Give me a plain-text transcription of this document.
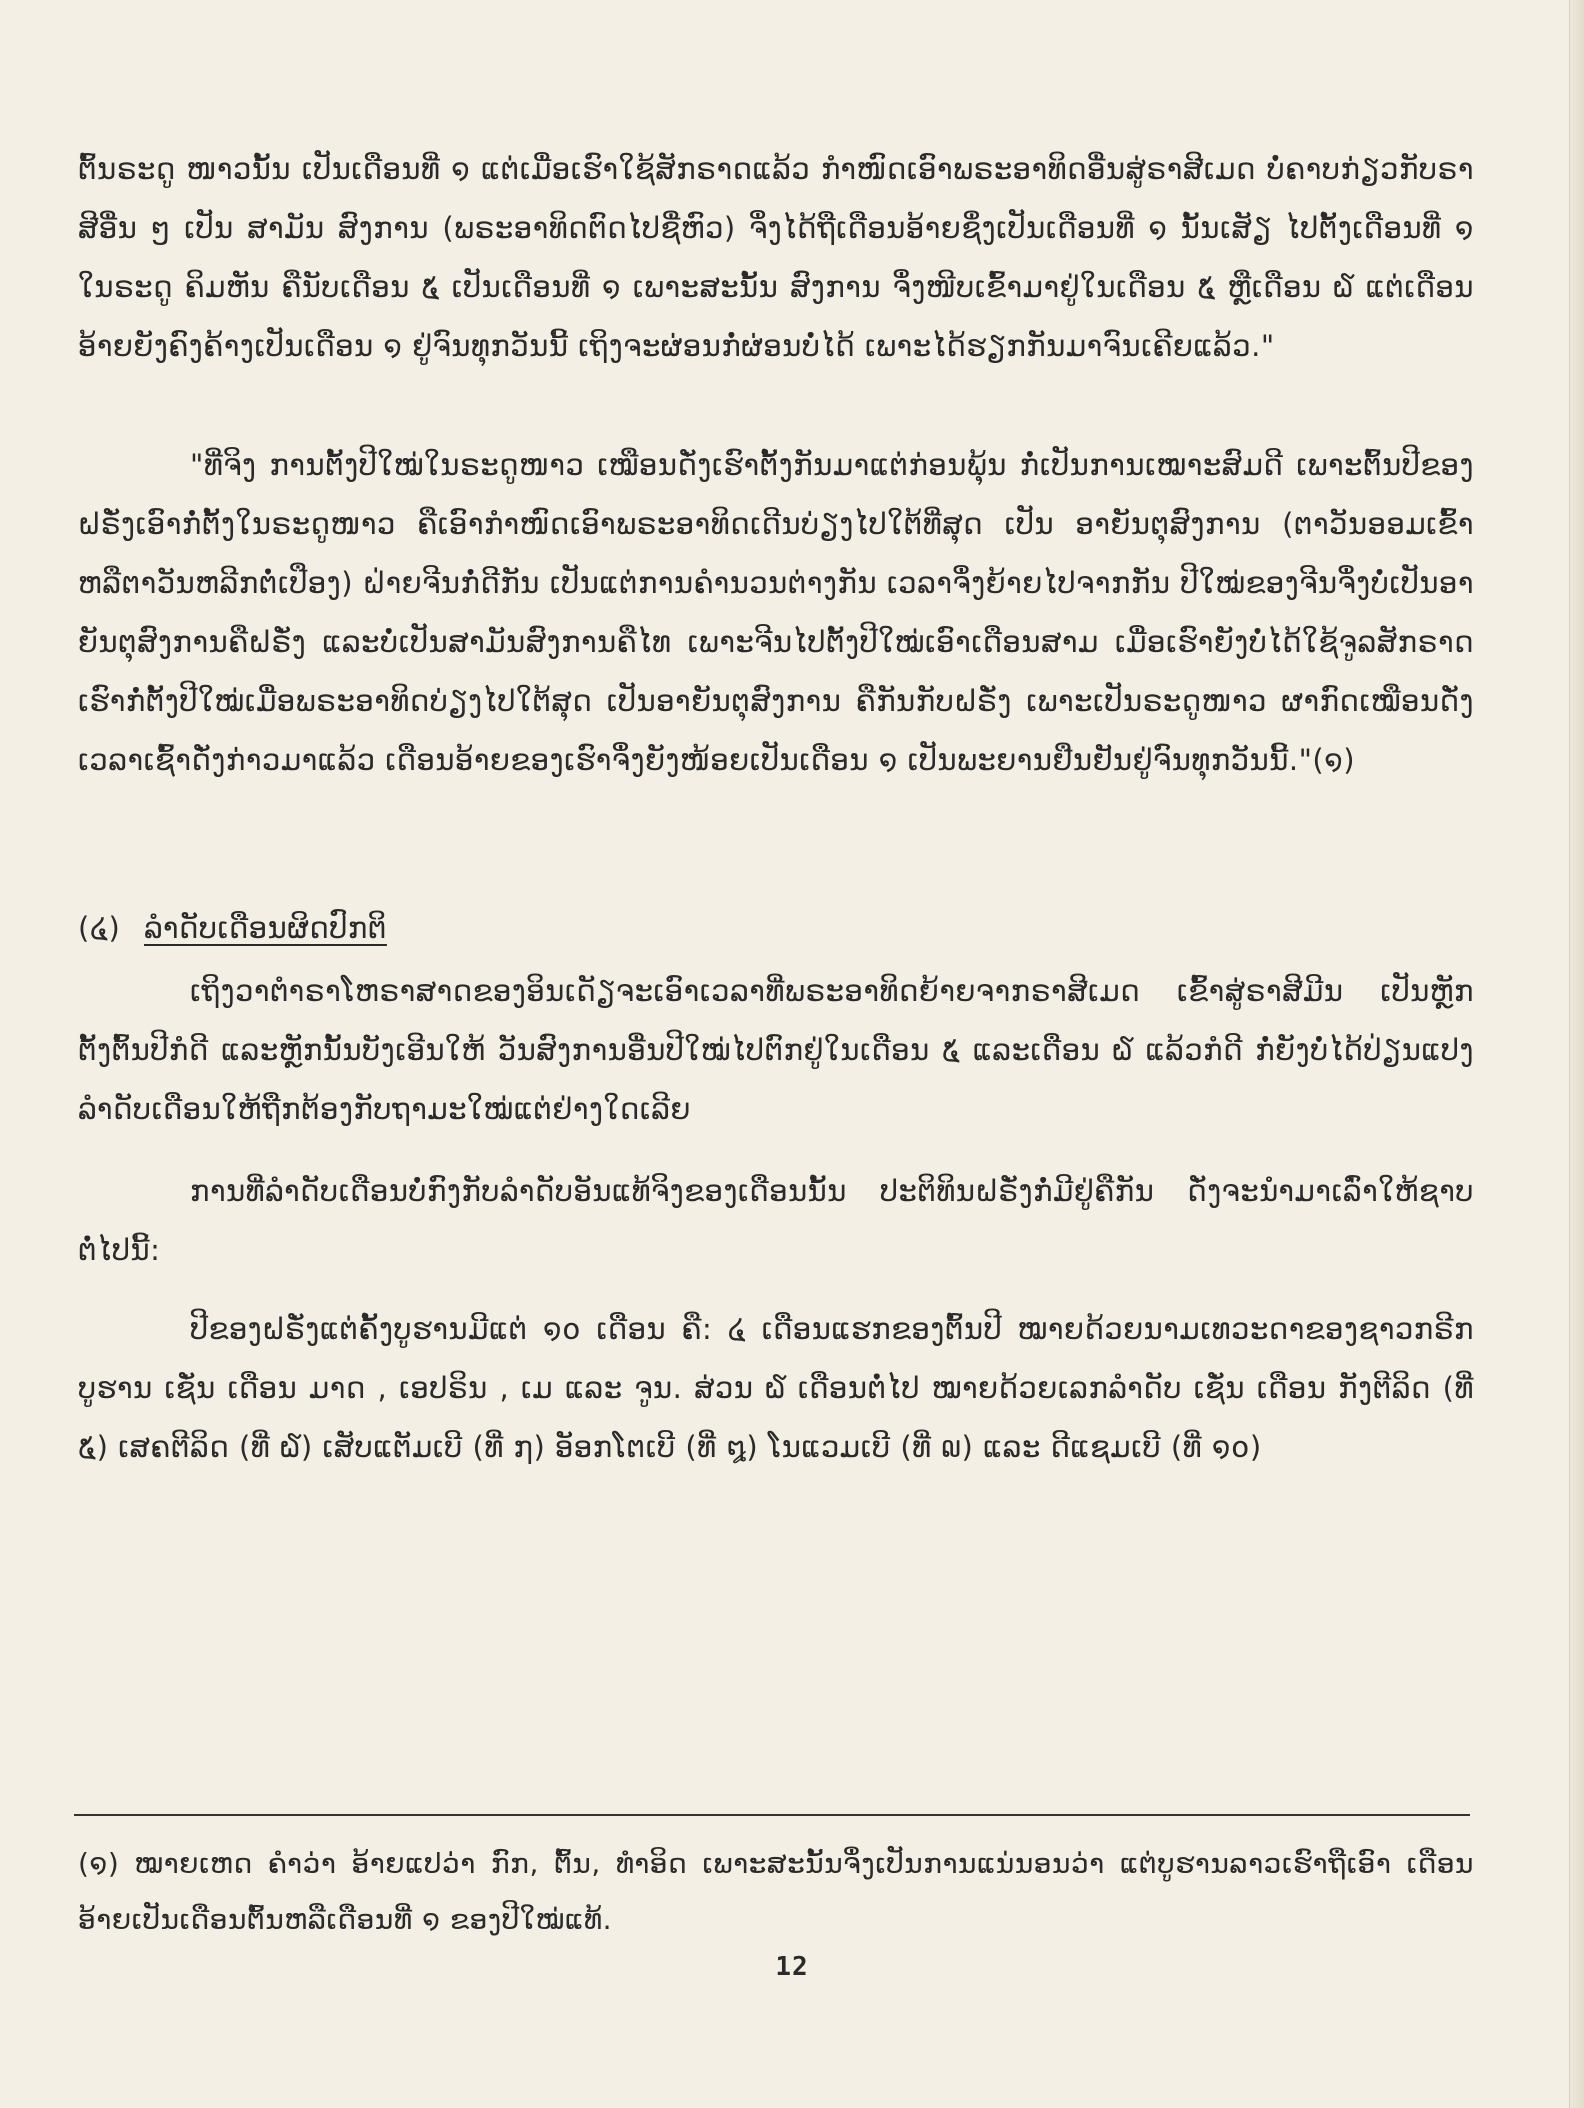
ຕົ້ນຣະດູ ໜາວນັ້ນ ເປັນເດືອນທີ່ ໑ ແຕ່ເມື່ອເຮົາໃຊ້ສັກຣາດແລ້ວ ກຳໜົດເອົາພຣະອາທິດອື່ນສູ່ຣາສີເມດ ບໍ່ຄາບກ່ຽວກັບຣາສີອື່ນ ໆ ເປັນ ສາມັນ ສົງການ (ພຣະອາທິດຕົດໄປຊື່ຫົວ) ຈຶ່ງໄດ້ຖືເດືອນອ້າຍຊຶ່ງເປັນເດືອນທີ່ ໑ ນັ້ນເສັຽ ໄປຕັ້ງເດືອນທີ່ ໑ ໃນຣະດູ ຄິມຫັນ ຄືນັບເດືອນ ໕ ເປັນເດືອນທີ່ ໑ ເພາະສະນັ້ນ ສົງການ ຈຶ່ງໜີບເຂົ້າມາຢູ່ໃນເດືອນ ໕ ຫຼືເດືອນ ໖ ແຕ່ເດືອນອ້າຍຍັງຄົງຄ້າງເປັນເດືອນ ໑ ຢູ່ຈົນທຸກວັນນີ້ ເຖິງຈະຜ່ອນກໍ່ຜ່ອນບໍ່ໄດ້ ເພາະໄດ້ຮຽກກັນມາຈົນເຄີຍແລ້ວ."

"ທີ່ຈິງ ການຕັ້ງປີໃໝ່ໃນຣະດູໜາວ ເໝືອນດັ່ງເຮົາຕັ້ງກັນມາແຕ່ກ່ອນພຸ້ນ ກໍ່ເປັນການເໝາະສົມດີ ເພາະຕົ້ນປີຂອງຝຣັ່ງເອົາກໍ່ຕັ້ງໃນຣະດູໜາວ ຄືເອົາກຳໜົດເອົາພຣະອາທິດເດີນບ່ຽງໄປໃຕ້ທີ່ສຸດ ເປັນ ອາຍັນຕຸສົງການ (ຕາວັນອອມເຂົ້າ ຫລືຕາວັນຫລີກຕໍ່ເປືອງ) ຝ່າຍຈີນກໍ່ດີກັນ ເປັນແຕ່ການຄຳນວນຕ່າງກັນ ເວລາຈຶ່ງຍ້າຍໄປຈາກກັນ ປີໃໝ່ຂອງຈີນຈຶ່ງບໍ່ເປັນອາຍັນຕຸສົງການຄືຝຣັ່ງ ແລະບໍ່ເປັນສາມັນສົງການຄືໄທ ເພາະຈີນໄປຕັ້ງປີໃໝ່ເອົາເດືອນສາມ ເມື່ອເຮົາຍັງບໍ່ໄດ້ໃຊ້ຈູລສັກຣາດ ເຮົາກໍ່ຕັ້ງປີໃໝ່ເມື່ອພຣະອາທິດບ່ຽງໄປໃຕ້ສຸດ ເປັນອາຍັນຕຸສົງການ ຄືກັນກັບຝຣັ່ງ ເພາະເປັນຣະດູໜາວ ຜາກົດເໝືອນດັ່ງເວລາເຊົ້າດັ່ງກ່າວມາແລ້ວ ເດືອນອ້າຍຂອງເຮົາຈຶ່ງຍັງໜ້ອຍເປັນເດືອນ ໑ ເປັນພະຍານຢືນຢັນຢູ່ຈົນທຸກວັນນີ້."(໑)

(໔) ລຳດັບເດືອນຜິດປົກຕິ

ເຖິງວາຕຳຣາໂຫຣາສາດຂອງອິນເດັຽຈະເອົາເວລາທີ່ພຣະອາທິດຍ້າຍຈາກຣາສີເມດ ເຂົ້າສູ່ຣາສີມີນ ເປັນຫຼັກຕັ້ງຕົ້ນປີກໍດີ ແລະຫຼັກນັ້ນບັງເອີນໃຫ້ ວັນສົງການອື່ນປີໃໝ່ໄປຕົກຢູ່ໃນເດືອນ ໕ ແລະເດືອນ ໖ ແລ້ວກໍດີ ກໍ່ຍັງບໍ່ໄດ້ປ່ຽນແປງລຳດັບເດືອນໃຫ້ຖືກຕ້ອງກັບຖາມະໃໝ່ແຕ່ຢ່າງໃດເລີຍ

ການທີ່ລຳດັບເດືອນບໍ່ກົງກັບລຳດັບອັນແທ້ຈິງຂອງເດືອນນັ້ນ ປະຕິທິນຝຣັ່ງກໍ່ມີຢູ່ຄືກັນ ດັ່ງຈະນຳມາເລົ່າໃຫ້ຊາບຕໍ່ໄປນີ້:

ປີຂອງຝຣັ່ງແຕ່ຄັ້ງບູຮານມີແຕ່ ໑໐ ເດືອນ ຄື: ໔ ເດືອນແຮກຂອງຕົ້ນປີ ໝາຍດ້ວຍນາມເທວະດາຂອງຊາວກຣີກບູຮານ ເຊັ່ນ ເດືອນ ມາດ , ເອປຣິນ , ເມ ແລະ ຈູນ. ສ່ວນ ໖ ເດືອນຕໍ່ໄປ ໝາຍດ້ວຍເລກລຳດັບ ເຊັ່ນ ເດືອນ ກັງຕີລິດ (ທີ່ ໕) ເສຄຕີລິດ (ທີ່ ໖) ເສັບແຕັມເບີ (ທີ່ ໗) ອັອກໂຕເບີ (ທີ່ ໘) ໂນແວມເບີ (ທີ່ ໙) ແລະ ດີແຊມເບີ (ທີ່ ໑໐)

(໑) ໝາຍເຫດ ຄຳວ່າ ອ້າຍແປວ່າ ກົກ, ຕົ້ນ, ທຳອິດ ເພາະສະນັ້ນຈຶ່ງເປັນການແນ່ນອນວ່າ ແຕ່ບູຮານລາວເຮົາຖືເອົາ ເດືອນອ້າຍເປັນເດືອນຕົ້ນຫລືເດືອນທີ່ ໑ ຂອງປີໃໝ່ແທ້.

12
